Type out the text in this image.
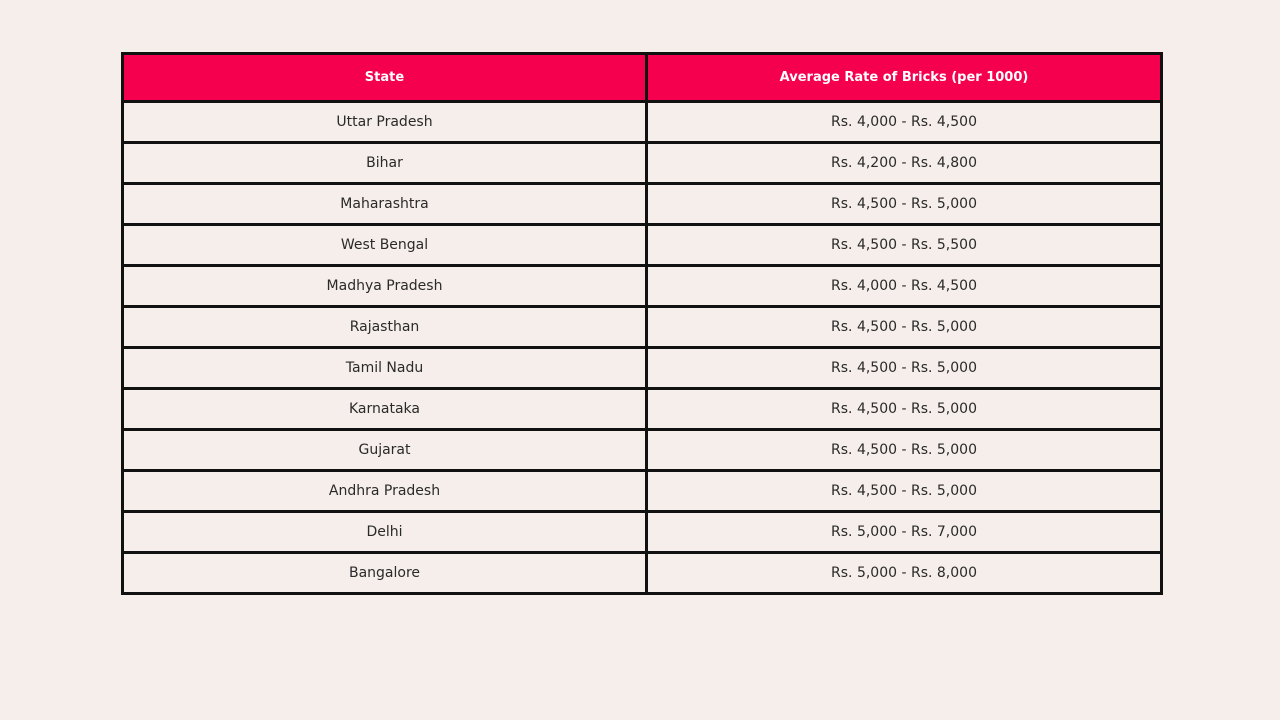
State	Average Rate of Bricks (per 1000)
Uttar Pradesh	Rs. 4,000 - Rs. 4,500
Bihar	Rs. 4,200 - Rs. 4,800
Maharashtra	Rs. 4,500 - Rs. 5,000
West Bengal	Rs. 4,500 - Rs. 5,500
Madhya Pradesh	Rs. 4,000 - Rs. 4,500
Rajasthan	Rs. 4,500 - Rs. 5,000
Tamil Nadu	Rs. 4,500 - Rs. 5,000
Karnataka	Rs. 4,500 - Rs. 5,000
Gujarat	Rs. 4,500 - Rs. 5,000
Andhra Pradesh	Rs. 4,500 - Rs. 5,000
Delhi	Rs. 5,000 - Rs. 7,000
Bangalore	Rs. 5,000 - Rs. 8,000
